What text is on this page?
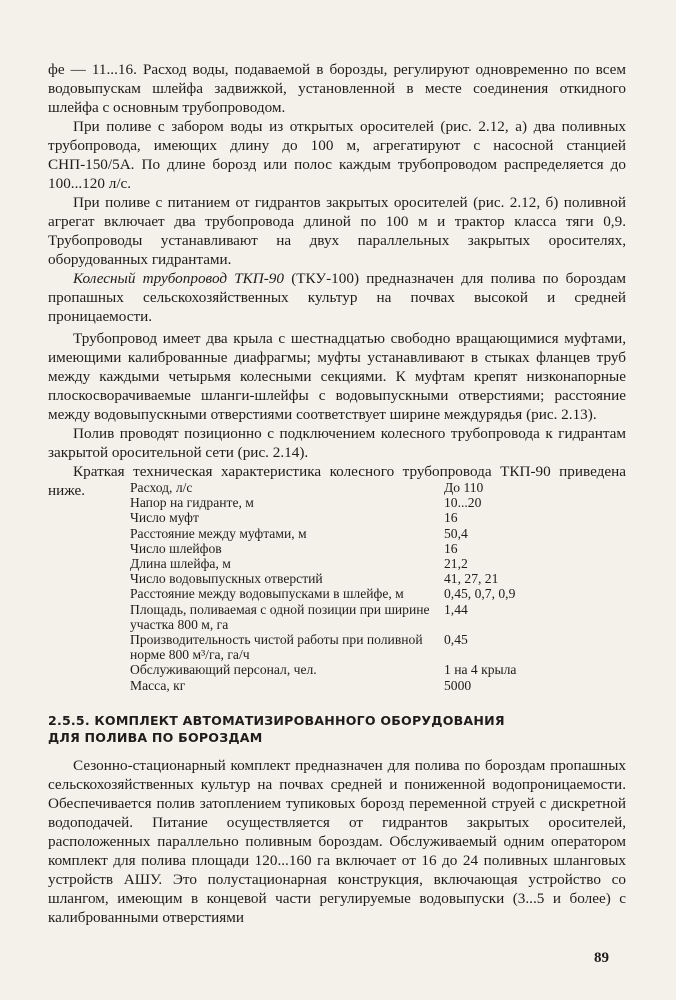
фе — 11...16. Расход воды, подаваемой в борозды, регулируют одновременно по всем водовыпускам шлейфа задвижкой, установленной в месте соединения откидного шлейфа с основным трубопроводом.

При поливе с забором воды из открытых оросителей (рис. 2.12, а) два поливных трубопровода, имеющих длину до 100 м, агрегатируют с насосной станцией СНП-150/5А. По длине борозд или полос каждым трубопроводом распределяется до 100...120 л/с.

При поливе с питанием от гидрантов закрытых оросителей (рис. 2.12, б) поливной агрегат включает два трубопровода длиной по 100 м и трактор класса тяги 0,9. Трубопроводы устанавливают на двух параллельных закрытых оросителях, оборудованных гидрантами.

Колесный трубопровод ТКП-90 (ТКУ-100) предназначен для полива по бороздам пропашных сельскохозяйственных культур на почвах высокой и средней проницаемости.

Трубопровод имеет два крыла с шестнадцатью свободно вращающимися муфтами, имеющими калиброванные диафрагмы; муфты устанавливают в стыках фланцев труб между каждыми четырьмя колесными секциями. К муфтам крепят низконапорные плоскосворачиваемые шланги-шлейфы с водовыпускными отверстиями; расстояние между водовыпускными отверстиями соответствует ширине междурядья (рис. 2.13).

Полив проводят позиционно с подключением колесного трубопровода к гидрантам закрытой оросительной сети (рис. 2.14).

Краткая техническая характеристика колесного трубопровода ТКП-90 приведена ниже.	Расход, л/с	До 110
Напор на гидранте, м	10...20
Число муфт	16
Расстояние между муфтами, м	50,4
Число шлейфов	16
Длина шлейфа, м	21,2
Число водовыпускных отверстий	41, 27, 21
Расстояние между водовыпусками в шлейфе, м	0,45, 0,7, 0,9
Площадь, поливаемая с одной позиции при ширине участка 800 м, га	1,44
Производительность чистой работы при поливной норме 800 м³/га, га/ч	0,45
Обслуживающий персонал, чел.	1 на 4 крыла
Масса, кг	5000
2.5.5. КОМПЛЕКТ АВТОМАТИЗИРОВАННОГО ОБОРУДОВАНИЯ
ДЛЯ ПОЛИВА ПО БОРОЗДАМ

Сезонно-стационарный комплект предназначен для полива по бороздам пропашных сельскохозяйственных культур на почвах средней и пониженной водопроницаемости. Обеспечивается полив затоплением тупиковых борозд переменной струей с дискретной водоподачей. Питание осуществляется от гидрантов закрытых оросителей, расположенных параллельно поливным бороздам. Обслуживаемый одним оператором комплект для полива площади 120...160 га включает от 16 до 24 поливных шланговых устройств АШУ. Это полустационарная конструкция, включающая устройство со шлангом, имеющим в концевой части регулируемые водовыпуски (3...5 и более) с калиброванными отверстиями

89
